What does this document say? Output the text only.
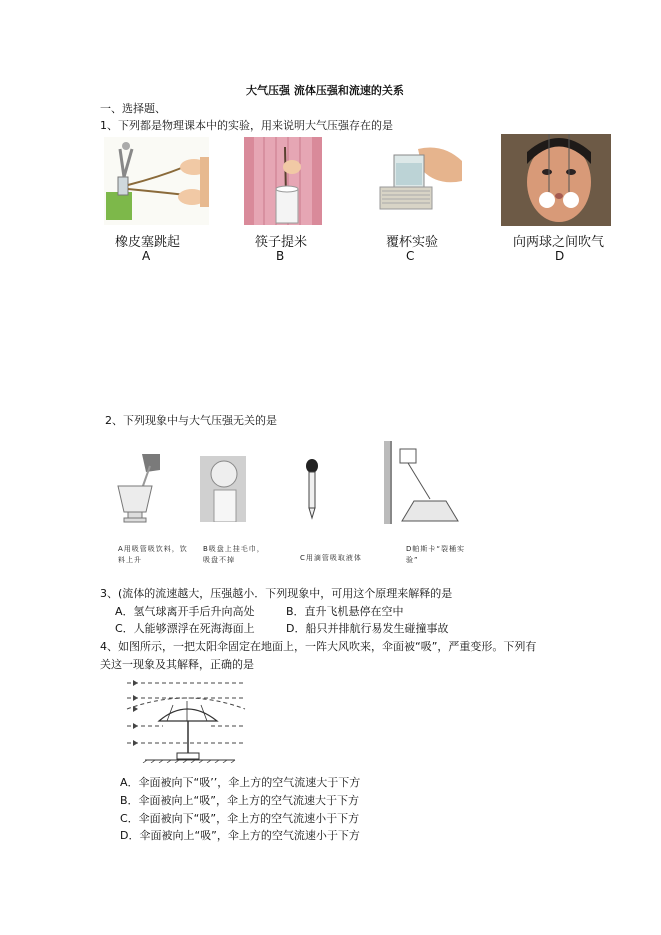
大气压强 流体压强和流速的关系
一、选择题、
1、下列都是物理课本中的实验，用来说明大气压强存在的是
橡皮塞跳起
A
筷子提米
B
覆杯实验
C
向两球之间吹气
D
2、下列现象中与大气压强无关的是
A用吸管吸饮料，饮料上升
B吸盘上挂毛巾，吸盘不掉	C用滴管吸取液体
D帕斯卡“裂桶实验”
3、(流体的流速越大，压强越小．下列现象中，可用这个原理来解释的是
A．氢气球离开手后升向高处	B．直升飞机悬停在空中
C．人能够漂浮在死海海面上	D．船只并排航行易发生碰撞事故
4、如图所示，一把太阳伞固定在地面上，一阵大风吹来，伞面被“吸”，严重变形。下列有
关这一现象及其解释，正确的是
A．伞面被向下“吸’’，伞上方的空气流速大于下方
B．伞面被向上“吸”，伞上方的空气流速大于下方
C．伞面被向下“吸”，伞上方的空气流速小于下方
D．伞面被向上“吸”，伞上方的空气流速小于下方
